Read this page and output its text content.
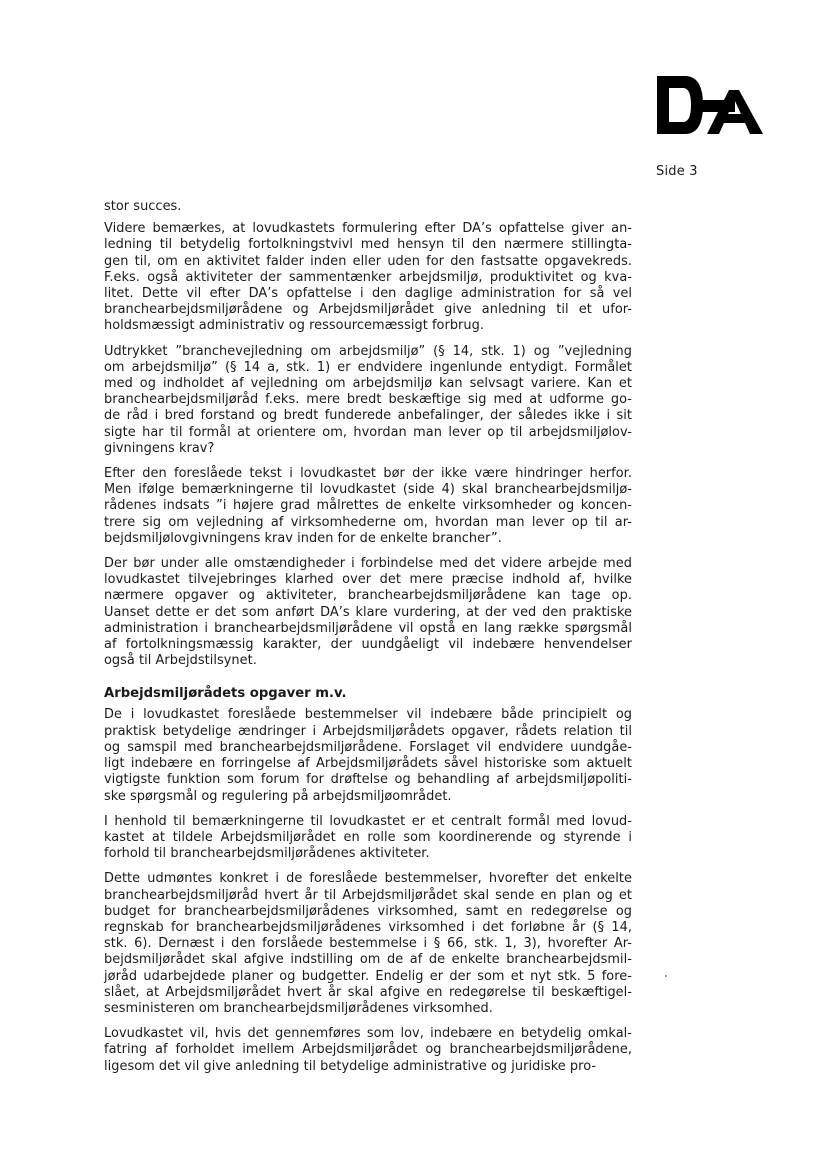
Side 3
stor succes.
Videre bemærkes, at lovudkastets formulering efter DA’s opfattelse giver an-
ledning til betydelig fortolkningstvivl med hensyn til den nærmere stillingta-
gen til, om en aktivitet falder inden eller uden for den fastsatte opgavekreds.
F.eks. også aktiviteter der sammentænker arbejdsmiljø, produktivitet og kva-
litet. Dette vil efter DA’s opfattelse i den daglige administration for så vel
branchearbejdsmiljørådene og Arbejdsmiljørådet give anledning til et ufor-
holdsmæssigt administrativ og ressourcemæssigt forbrug.
Udtrykket ”branchevejledning om arbejdsmiljø” (§ 14, stk. 1) og ”vejledning
om arbejdsmiljø” (§ 14 a, stk. 1) er endvidere ingenlunde entydigt. Formålet
med og indholdet af vejledning om arbejdsmiljø kan selvsagt variere. Kan et
branchearbejdsmiljøråd f.eks. mere bredt beskæftige sig med at udforme go-
de råd i bred forstand og bredt funderede anbefalinger, der således ikke i sit
sigte har til formål at orientere om, hvordan man lever op til arbejdsmiljølov-
givningens krav?
Efter den foreslåede tekst i lovudkastet bør der ikke være hindringer herfor.
Men ifølge bemærkningerne til lovudkastet (side 4) skal branchearbejdsmiljø-
rådenes indsats ”i højere grad målrettes de enkelte virksomheder og koncen-
trere sig om vejledning af virksomhederne om, hvordan man lever op til ar-
bejdsmiljølovgivningens krav inden for de enkelte brancher”.
Der bør under alle omstændigheder i forbindelse med det videre arbejde med
lovudkastet tilvejebringes klarhed over det mere præcise indhold af, hvilke
nærmere opgaver og aktiviteter, branchearbejdsmiljørådene kan tage op.
Uanset dette er det som anført DA’s klare vurdering, at der ved den praktiske
administration i branchearbejdsmiljørådene vil opstå en lang række spørgsmål
af fortolkningsmæssig karakter, der uundgåeligt vil indebære henvendelser
også til Arbejdstilsynet.
Arbejdsmiljørådets opgaver m.v.
De i lovudkastet foreslåede bestemmelser vil indebære både principielt og
praktisk betydelige ændringer i Arbejdsmiljørådets opgaver, rådets relation til
og samspil med branchearbejdsmiljørådene. Forslaget vil endvidere uundgåe-
ligt indebære en forringelse af Arbejdsmiljørådets såvel historiske som aktuelt
vigtigste funktion som forum for drøftelse og behandling af arbejdsmiljøpoliti-
ske spørgsmål og regulering på arbejdsmiljøområdet.
I henhold til bemærkningerne til lovudkastet er et centralt formål med lovud-
kastet at tildele Arbejdsmiljørådet en rolle som koordinerende og styrende i
forhold til branchearbejdsmiljørådenes aktiviteter.
Dette udmøntes konkret i de foreslåede bestemmelser, hvorefter det enkelte
branchearbejdsmiljøråd hvert år til Arbejdsmiljørådet skal sende en plan og et
budget for branchearbejdsmiljørådenes virksomhed, samt en redegørelse og
regnskab for branchearbejdsmiljørådenes virksomhed i det forløbne år (§ 14,
stk. 6). Dernæst i den forslåede bestemmelse i § 66, stk. 1, 3), hvorefter Ar-
bejdsmiljørådet skal afgive indstilling om de af de enkelte branchearbejdsmil-
jøråd udarbejdede planer og budgetter. Endelig er der som et nyt stk. 5 fore-
slået, at Arbejdsmiljørådet hvert år skal afgive en redegørelse til beskæftigel-
sesministeren om branchearbejdsmiljørådenes virksomhed.
Lovudkastet vil, hvis det gennemføres som lov, indebære en betydelig omkal-
fatring af forholdet imellem Arbejdsmiljørådet og branchearbejdsmiljørådene,
ligesom det vil give anledning til betydelige administrative og juridiske pro-
